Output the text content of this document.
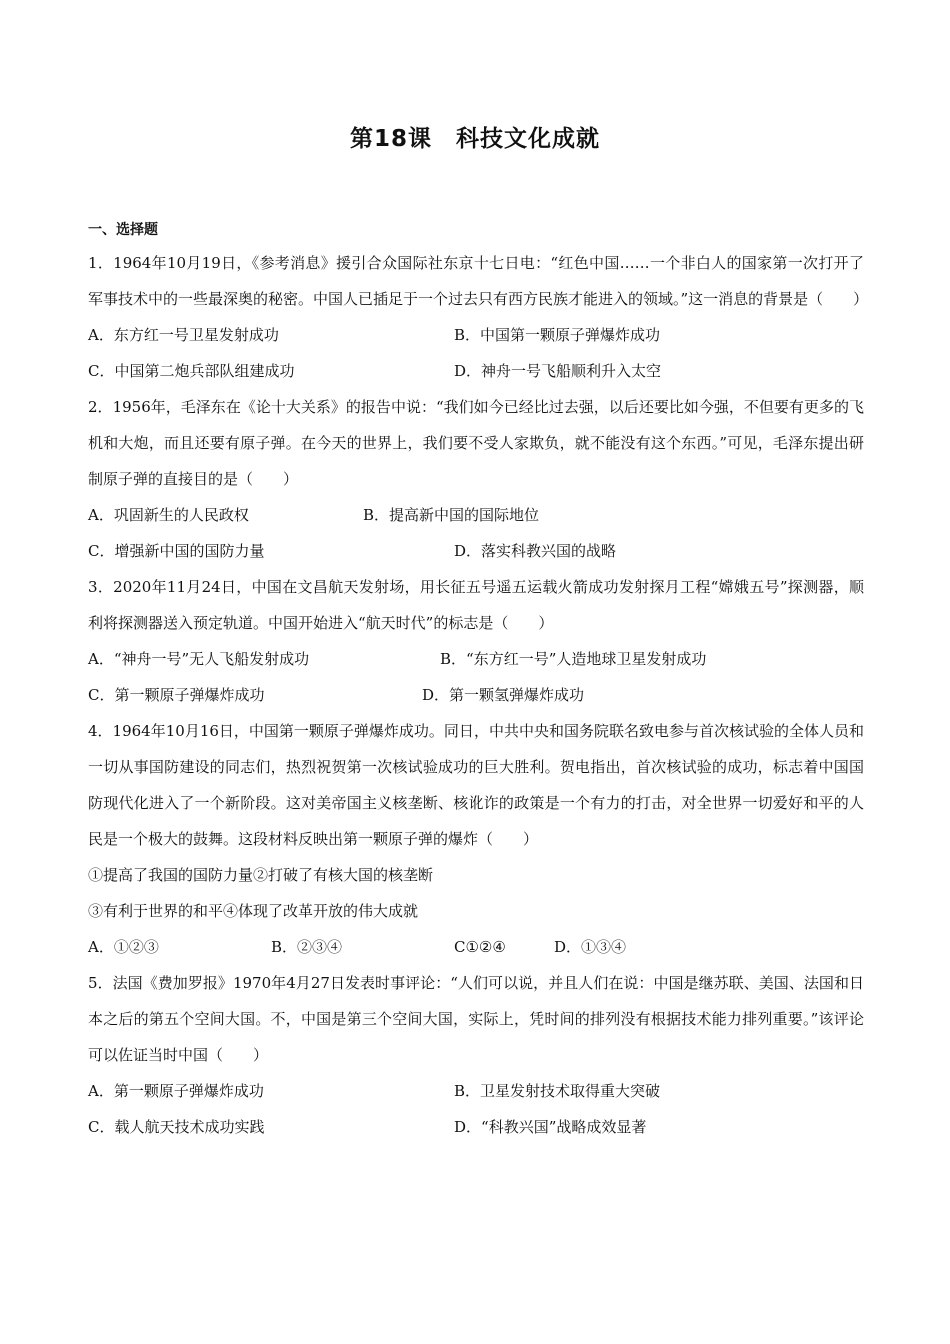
第18课　科技文化成就
一、选择题
1．1964年10月19日，《参考消息》援引合众国际社东京十七日电：“红色中国……一个非白人的国家第一次打开了军事技术中的一些最深奥的秘密。中国人已插足于一个过去只有西方民族才能进入的领域。”这一消息的背景是（　　）
A．东方红一号卫星发射成功	B．中国第一颗原子弹爆炸成功
C．中国第二炮兵部队组建成功	D．神舟一号飞船顺利升入太空
2．1956年，毛泽东在《论十大关系》的报告中说：“我们如今已经比过去强，以后还要比如今强，不但要有更多的飞机和大炮，而且还要有原子弹。在今天的世界上，我们要不受人家欺负，就不能没有这个东西。”可见，毛泽东提出研制原子弹的直接目的是（　　）
A．巩固新生的人民政权	B．提高新中国的国际地位
C．增强新中国的国防力量	D．落实科教兴国的战略
3．2020年11月24日，中国在文昌航天发射场，用长征五号遥五运载火箭成功发射探月工程“嫦娥五号”探测器，顺利将探测器送入预定轨道。中国开始进入“航天时代”的标志是（　　）
A．“神舟一号”无人飞船发射成功	B．“东方红一号”人造地球卫星发射成功
C．第一颗原子弹爆炸成功	D．第一颗氢弹爆炸成功
4．1964年10月16日，中国第一颗原子弹爆炸成功。同日，中共中央和国务院联名致电参与首次核试验的全体人员和一切从事国防建设的同志们，热烈祝贺第一次核试验成功的巨大胜利。贺电指出，首次核试验的成功，标志着中国国防现代化进入了一个新阶段。这对美帝国主义核垄断、核讹诈的政策是一个有力的打击，对全世界一切爱好和平的人民是一个极大的鼓舞。这段材料反映出第一颗原子弹的爆炸（　　）
①提高了我国的国防力量②打破了有核大国的核垄断
③有利于世界的和平④体现了改革开放的伟大成就
A．①②③	B．②③④	C①②④	D．①③④
5．法国《费加罗报》1970年4月27日发表时事评论：“人们可以说，并且人们在说：中国是继苏联、美国、法国和日本之后的第五个空间大国。不，中国是第三个空间大国，实际上，凭时间的排列没有根据技术能力排列重要。”该评论可以佐证当时中国（　　）
A．第一颗原子弹爆炸成功	B．卫星发射技术取得重大突破
C．载人航天技术成功实践	D．“科教兴国”战略成效显著
